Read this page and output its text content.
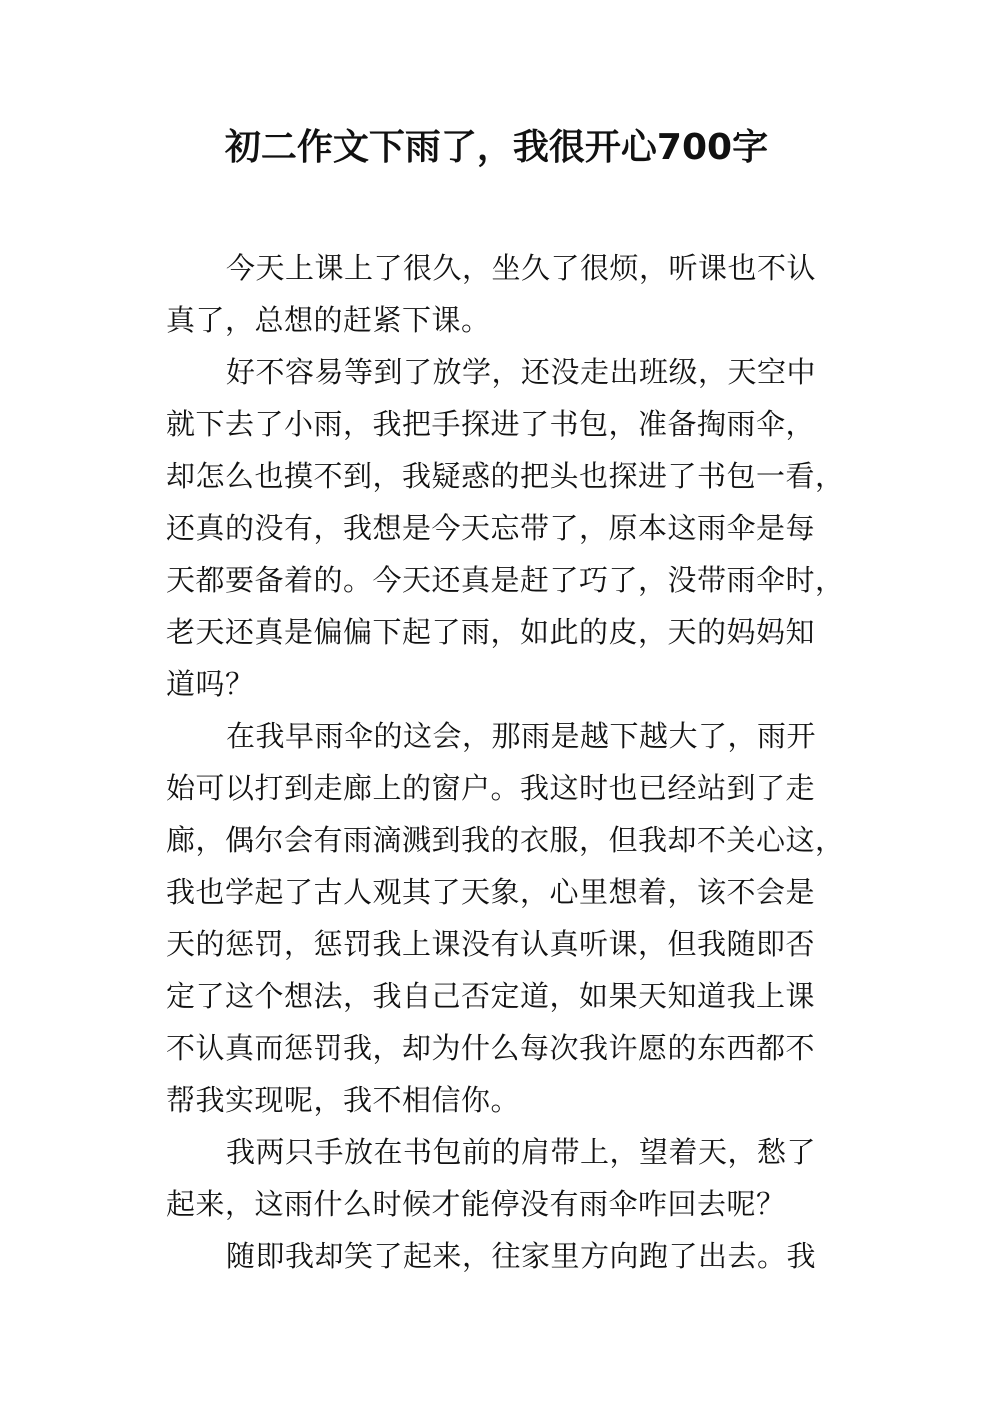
初二作文下雨了，我很开心700字
今天上课上了很久，坐久了很烦，听课也不认
真了，总想的赶紧下课。
好不容易等到了放学，还没走出班级，天空中
就下去了小雨，我把手探进了书包，准备掏雨伞，
却怎么也摸不到，我疑惑的把头也探进了书包一看，
还真的没有，我想是今天忘带了，原本这雨伞是每
天都要备着的。今天还真是赶了巧了，没带雨伞时，
老天还真是偏偏下起了雨，如此的皮，天的妈妈知
道吗？
在我早雨伞的这会，那雨是越下越大了，雨开
始可以打到走廊上的窗户。我这时也已经站到了走
廊，偶尔会有雨滴溅到我的衣服，但我却不关心这，
我也学起了古人观其了天象，心里想着，该不会是
天的惩罚，惩罚我上课没有认真听课，但我随即否
定了这个想法，我自己否定道，如果天知道我上课
不认真而惩罚我，却为什么每次我许愿的东西都不
帮我实现呢，我不相信你。
我两只手放在书包前的肩带上，望着天，愁了
起来，这雨什么时候才能停没有雨伞咋回去呢？
随即我却笑了起来，往家里方向跑了出去。我
